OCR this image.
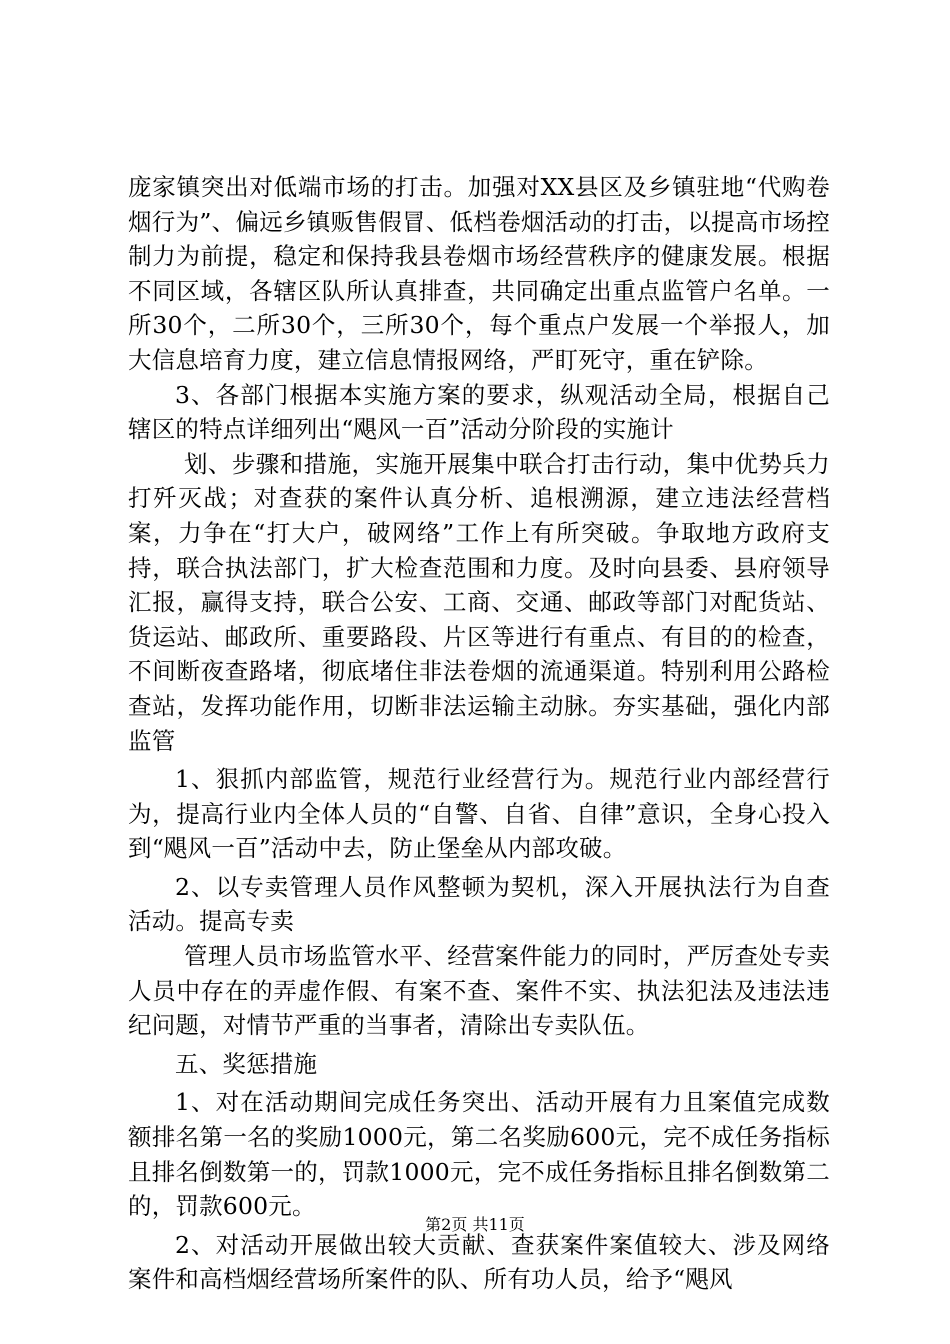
庞家镇突出对低端市场的打击。加强对XX县区及乡镇驻地“代购卷烟行为”、偏远乡镇贩售假冒、低档卷烟活动的打击，以提高市场控制力为前提，稳定和保持我县卷烟市场经营秩序的健康发展。根据不同区域，各辖区队所认真排查，共同确定出重点监管户名单。一所30个，二所30个，三所30个，每个重点户发展一个举报人，加大信息培育力度，建立信息情报网络，严盯死守，重在铲除。

3、各部门根据本实施方案的要求，纵观活动全局，根据自己辖区的特点详细列出“飓风一百”活动分阶段的实施计

划、步骤和措施，实施开展集中联合打击行动，集中优势兵力打歼灭战；对查获的案件认真分析、追根溯源，建立违法经营档案，力争在“打大户，破网络”工作上有所突破。争取地方政府支持，联合执法部门，扩大检查范围和力度。及时向县委、县府领导汇报，赢得支持，联合公安、工商、交通、邮政等部门对配货站、货运站、邮政所、重要路段、片区等进行有重点、有目的的检查，不间断夜查路堵，彻底堵住非法卷烟的流通渠道。特别利用公路检查站，发挥功能作用，切断非法运输主动脉。夯实基础，强化内部监管

1、狠抓内部监管，规范行业经营行为。规范行业内部经营行为，提高行业内全体人员的“自警、自省、自律”意识，全身心投入到“飓风一百”活动中去，防止堡垒从内部攻破。

2、以专卖管理人员作风整顿为契机，深入开展执法行为自查活动。提高专卖

管理人员市场监管水平、经营案件能力的同时，严厉查处专卖人员中存在的弄虚作假、有案不查、案件不实、执法犯法及违法违纪问题，对情节严重的当事者，清除出专卖队伍。

五、奖惩措施

1、对在活动期间完成任务突出、活动开展有力且案值完成数额排名第一名的奖励1000元，第二名奖励600元，完不成任务指标且排名倒数第一的，罚款1000元，完不成任务指标且排名倒数第二的，罚款600元。

2、对活动开展做出较大贡献、查获案件案值较大、涉及网络案件和高档烟经营场所案件的队、所有功人员，给予“飓风

第2页 共11页
